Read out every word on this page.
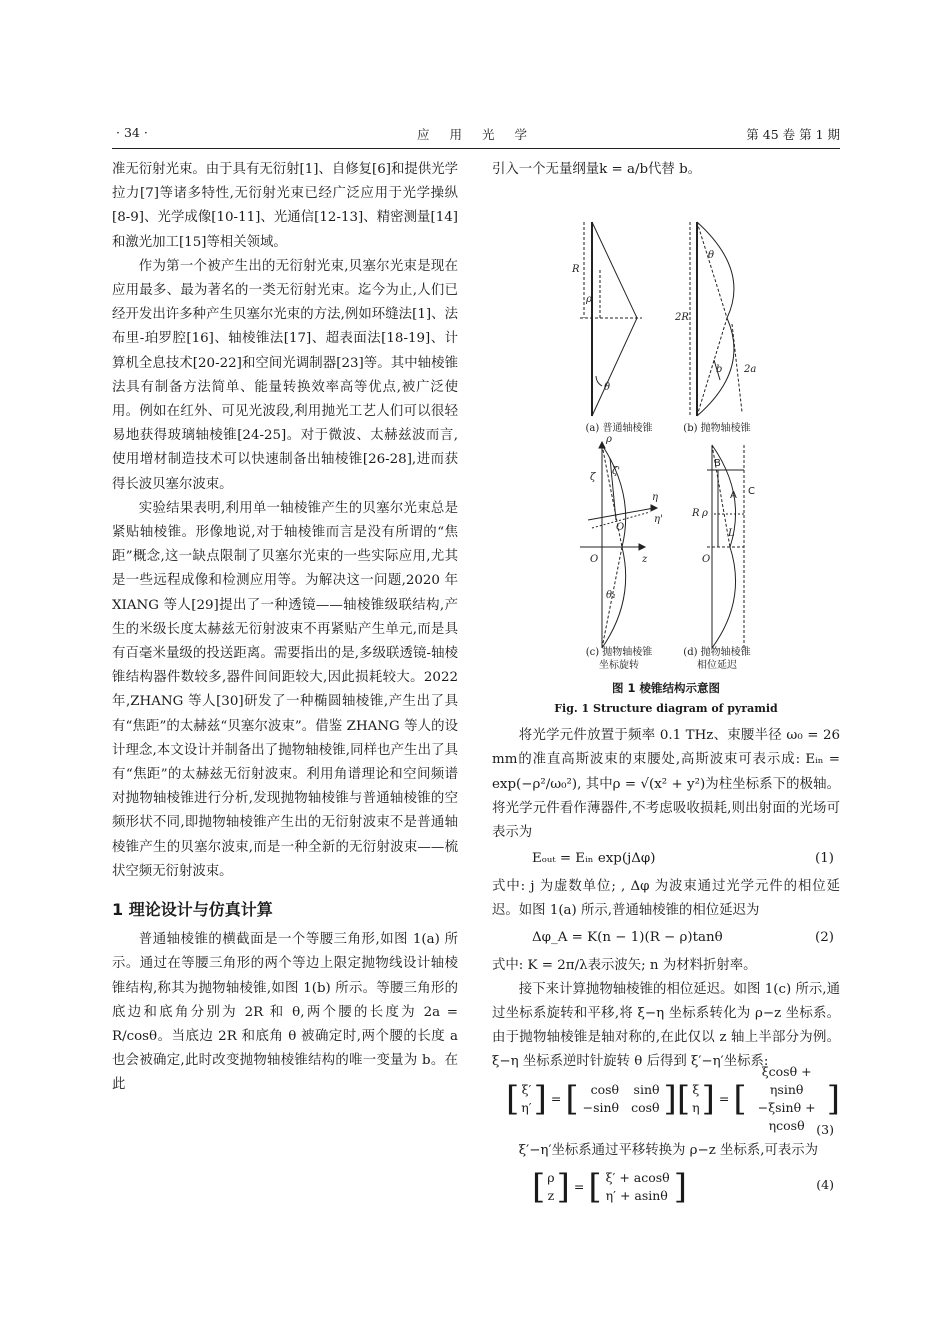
· 34 ·	应 用 光 学	第 45 卷 第 1 期

准无衍射光束。由于具有无衍射[1]、自修复[6]和提供光学拉力[7]等诸多特性,无衍射光束已经广泛应用于光学操纵[8-9]、光学成像[10-11]、光通信[12-13]、精密测量[14]和激光加工[15]等相关领域。

作为第一个被产生出的无衍射光束,贝塞尔光束是现在应用最多、最为著名的一类无衍射光束。迄今为止,人们已经开发出许多种产生贝塞尔光束的方法,例如环缝法[1]、法布里-珀罗腔[16]、轴棱锥法[17]、超表面法[18-19]、计算机全息技术[20-22]和空间光调制器[23]等。其中轴棱锥法具有制备方法简单、能量转换效率高等优点,被广泛使用。例如在红外、可见光波段,利用抛光工艺人们可以很轻易地获得玻璃轴棱锥[24-25]。对于微波、太赫兹波而言,使用增材制造技术可以快速制备出轴棱锥[26-28],进而获得长波贝塞尔波束。

实验结果表明,利用单一轴棱锥产生的贝塞尔光束总是紧贴轴棱锥。形像地说,对于轴棱锥而言是没有所谓的“焦距”概念,这一缺点限制了贝塞尔光束的一些实际应用,尤其是一些远程成像和检测应用等。为解决这一问题,2020 年 XIANG 等人[29]提出了一种透镜——轴棱锥级联结构,产生的米级长度太赫兹无衍射波束不再紧贴产生单元,而是具有百毫米量级的投送距离。需要指出的是,多级联透镜-轴棱锥结构器件数较多,器件间间距较大,因此损耗较大。2022 年,ZHANG 等人[30]研发了一种椭圆轴棱锥,产生出了具有“焦距”的太赫兹“贝塞尔波束”。借鉴 ZHANG 等人的设计理念,本文设计并制备出了抛物轴棱锥,同样也产生出了具有“焦距”的太赫兹无衍射波束。利用角谱理论和空间频谱对抛物轴棱锥进行分析,发现抛物轴棱锥与普通轴棱锥的空频形状不同,即抛物轴棱锥产生出的无衍射波束不是普通轴棱锥产生的贝塞尔波束,而是一种全新的无衍射波束——梳状空频无衍射波束。

1 理论设计与仿真计算

普通轴棱锥的横截面是一个等腰三角形,如图 1(a) 所示。通过在等腰三角形的两个等边上限定抛物线设计轴棱锥结构,称其为抛物轴棱锥,如图 1(b) 所示。等腰三角形的底边和底角分别为 2R 和 θ,两个腰的长度为 2a = R/cosθ。当底边 2R 和底角 θ 被确定时,两个腰的长度 a 也会被确定,此时改变抛物轴棱锥结构的唯一变量为 b。在此

引入一个无量纲量k = a/b代替 b。

R
ρ
θ
2R
θ
b 2a
ρ
ζ
ζ'
η
η'
O'
O	z
θ₁
ρ
R
O
L
B
A C
(a) 普通轴棱锥	(b) 抛物轴棱锥
(c) 抛物轴棱锥
坐标旋转
(d) 抛物轴棱锥
相位延迟
图 1 棱锥结构示意图
Fig. 1 Structure diagram of pyramid

将光学元件放置于频率 0.1 THz、束腰半径 ω₀ = 26 mm的准直高斯波束的束腰处,高斯波束可表示成: Eᵢₙ = exp(−ρ²/ω₀²), 其中ρ = √(x² + y²)为柱坐标系下的极轴。将光学元件看作薄器件,不考虑吸收损耗,则出射面的光场可表示为

Eₒᵤₜ = Eᵢₙ exp(jΔφ)	(1)

式中: j 为虚数单位; , Δφ 为波束通过光学元件的相位延迟。如图 1(a) 所示,普通轴棱锥的相位延迟为

Δφ_A = K(n − 1)(R − ρ)tanθ	(2)

式中: K = 2π/λ表示波矢; n 为材料折射率。

接下来计算抛物轴棱锥的相位延迟。如图 1(c) 所示,通过坐标系旋转和平移,将 ξ−η 坐标系转化为 ρ−z 坐标系。由于抛物轴棱锥是轴对称的,在此仅以 z 轴上半部分为例。ξ−η 坐标系逆时针旋转 θ 后得到 ξ′−η′坐标系:

[ ξ′
η′ ] = [ cosθ sinθ
−sinθ cosθ ] [ ξ
η ] = [
ξcosθ + ηsinθ
−ξsinθ + ηcosθ
]
(3)

ξ′−η′坐标系通过平移转换为 ρ−z 坐标系,可表示为

[ ρ
z ] = [ ξ′ + acosθ
η′ + asinθ ]	(4)
